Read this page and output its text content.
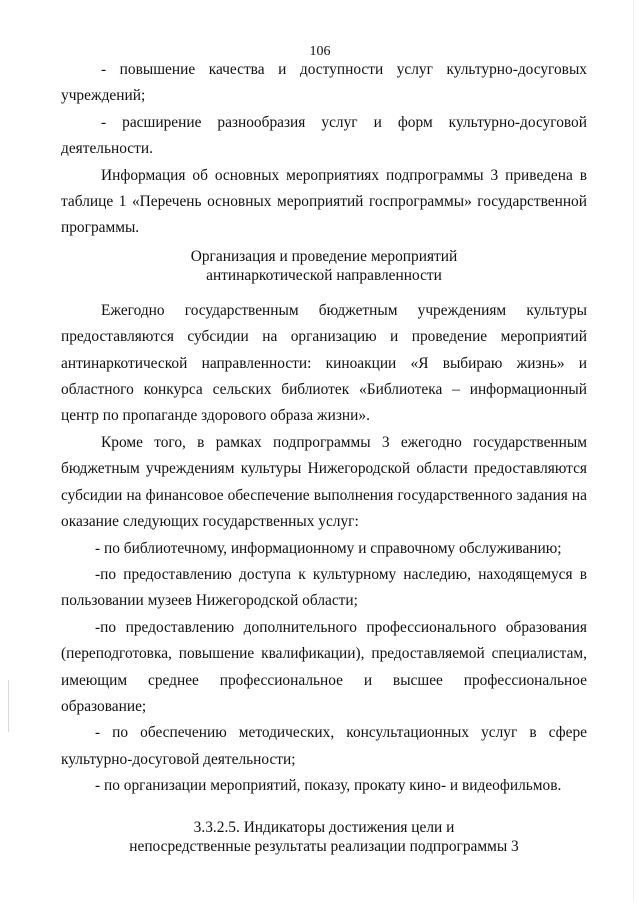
106

- повышение качества и доступности услуг культурно-досуговых учреждений;

- расширение разнообразия услуг и форм культурно-досуговой деятельности.

Информация об основных мероприятиях подпрограммы 3 приведена в таблице 1 «Перечень основных мероприятий госпрограммы» государственной программы.

Организация и проведение мероприятий
антинаркотической направленности

Ежегодно государственным бюджетным учреждениям культуры предоставляются субсидии на организацию и проведение мероприятий антинаркотической направленности: киноакции «Я выбираю жизнь» и областного конкурса сельских библиотек «Библиотека – информационный центр по пропаганде здорового образа жизни».

Кроме того, в рамках подпрограммы 3 ежегодно государственным бюджетным учреждениям культуры Нижегородской области предоставляются субсидии на финансовое обеспечение выполнения государственного задания на оказание следующих государственных услуг:

- по библиотечному, информационному и справочному обслуживанию;

-по предоставлению доступа к культурному наследию, находящемуся в пользовании музеев Нижегородской области;

-по предоставлению дополнительного профессионального образования (переподготовка, повышение квалификации), предоставляемой специалистам, имеющим среднее профессиональное и высшее профессиональное образование;

- по обеспечению методических, консультационных услуг в сфере культурно-досуговой деятельности;

- по организации мероприятий, показу, прокату кино- и видеофильмов.

3.3.2.5. Индикаторы достижения цели и
непосредственные результаты реализации подпрограммы 3
